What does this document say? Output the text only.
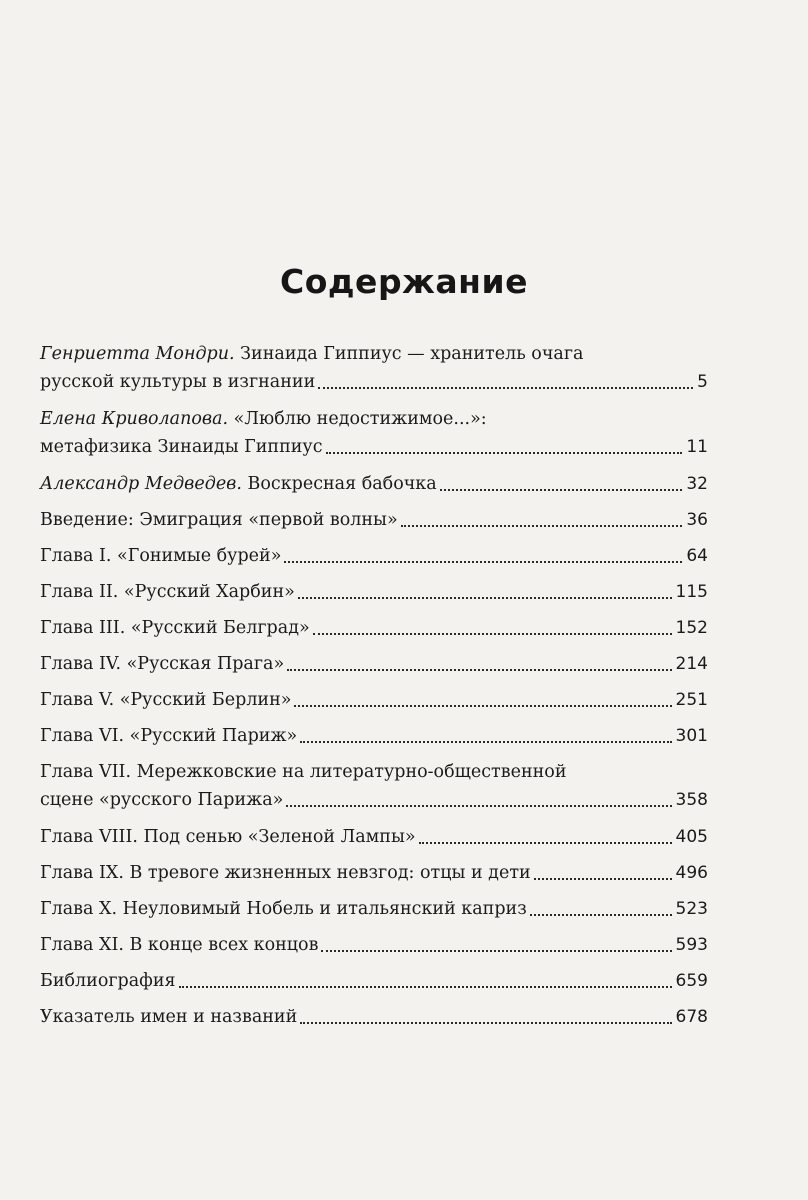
Содержание
Генриетта Мондри. Зинаида Гиппиус — хранитель очага
русской культуры в изгнании	5
Елена Криволапова. «Люблю недостижимое...»:
метафизика Зинаиды Гиппиус	11
Александр Медведев. Воскресная бабочка	32
Введение: Эмиграция «первой волны»	36
Глава I. «Гонимые бурей»	64
Глава II. «Русский Харбин»	115
Глава III. «Русский Белград»	152
Глава IV. «Русская Прага»	214
Глава V. «Русский Берлин»	251
Глава VI. «Русский Париж»	301
Глава VII. Мережковские на литературно-общественной
сцене «русского Парижа»	358
Глава VIII. Под сенью «Зеленой Лампы»	405
Глава IX. В тревоге жизненных невзгод: отцы и дети	496
Глава X. Неуловимый Нобель и итальянский каприз	523
Глава XI. В конце всех концов	593
Библиография	659
Указатель имен и названий	678
